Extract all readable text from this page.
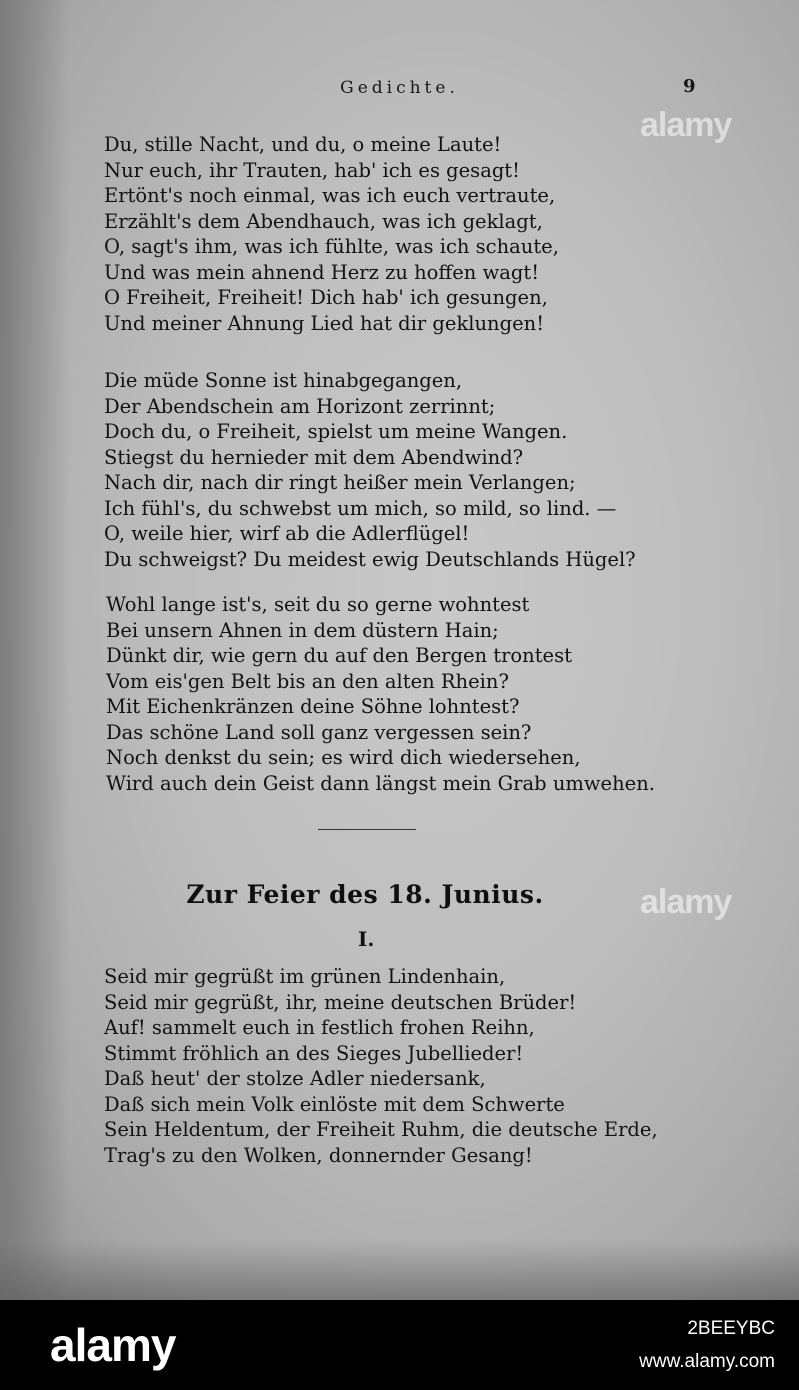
Gedichte.	9
Du, stille Nacht, und du, o meine Laute!
Nur euch, ihr Trauten, hab' ich es gesagt!
Ertönt's noch einmal, was ich euch vertraute,
Erzählt's dem Abendhauch, was ich geklagt,
O, sagt's ihm, was ich fühlte, was ich schaute,
Und was mein ahnend Herz zu hoffen wagt!
O Freiheit, Freiheit! Dich hab' ich gesungen,
Und meiner Ahnung Lied hat dir geklungen!
Die müde Sonne ist hinabgegangen,
Der Abendschein am Horizont zerrinnt;
Doch du, o Freiheit, spielst um meine Wangen.
Stiegst du hernieder mit dem Abendwind?
Nach dir, nach dir ringt heißer mein Verlangen;
Ich fühl's, du schwebst um mich, so mild, so lind. —
O, weile hier, wirf ab die Adlerflügel!
Du schweigst? Du meidest ewig Deutschlands Hügel?
Wohl lange ist's, seit du so gerne wohntest
Bei unsern Ahnen in dem düstern Hain;
Dünkt dir, wie gern du auf den Bergen trontest
Vom eis'gen Belt bis an den alten Rhein?
Mit Eichenkränzen deine Söhne lohntest?
Das schöne Land soll ganz vergessen sein?
Noch denkst du sein; es wird dich wiedersehen,
Wird auch dein Geist dann längst mein Grab umwehen.
Zur Feier des 18. Junius.
I.
Seid mir gegrüßt im grünen Lindenhain,
Seid mir gegrüßt, ihr, meine deutschen Brüder!
Auf! sammelt euch in festlich frohen Reihn,
Stimmt fröhlich an des Sieges Jubellieder!
Daß heut' der stolze Adler niedersank,
Daß sich mein Volk einlöste mit dem Schwerte
Sein Heldentum, der Freiheit Ruhm, die deutsche Erde,
Trag's zu den Wolken, donnernder Gesang!
alamy
alamy
alamy	2BEEYBC
www.alamy.com
